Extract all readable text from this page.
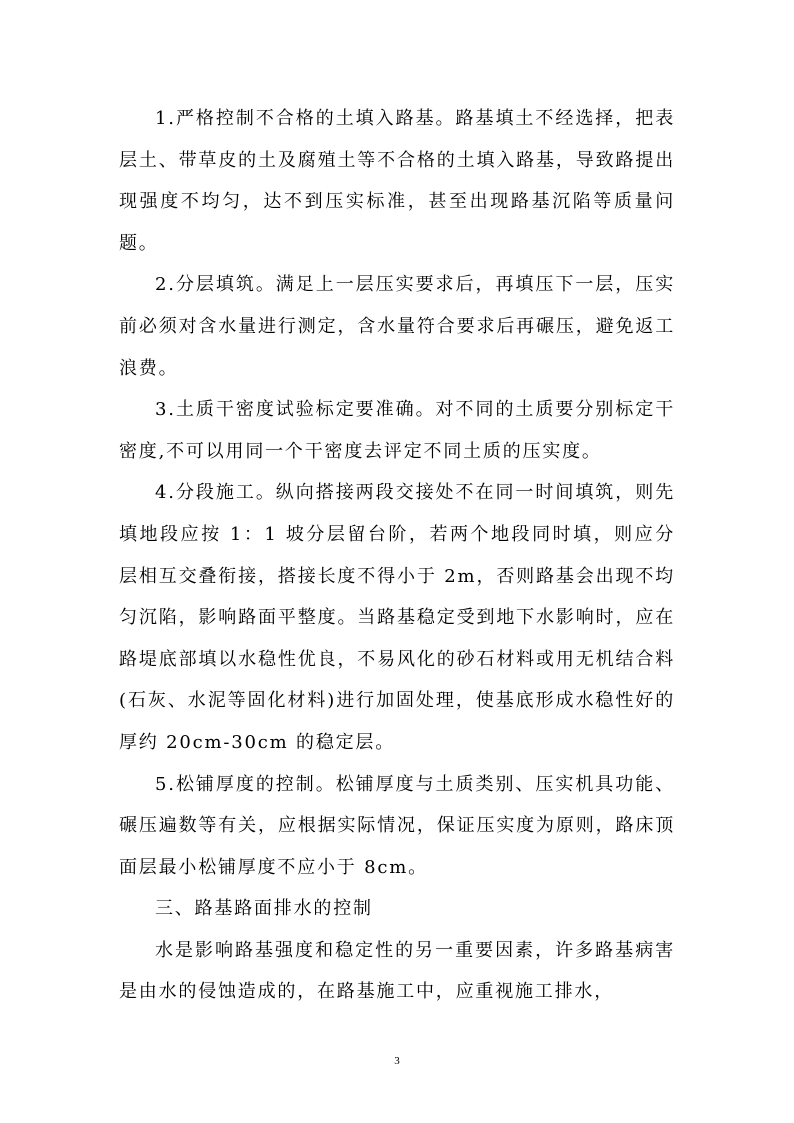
1.严格控制不合格的土填入路基。路基填土不经选择，把表层土、带草皮的土及腐殖土等不合格的土填入路基，导致路提出现强度不均匀，达不到压实标准，甚至出现路基沉陷等质量问题。

2.分层填筑。满足上一层压实要求后，再填压下一层，压实前必须对含水量进行测定，含水量符合要求后再碾压，避免返工浪费。

3.土质干密度试验标定要准确。对不同的土质要分别标定干密度,不可以用同一个干密度去评定不同土质的压实度。

4.分段施工。纵向搭接两段交接处不在同一时间填筑，则先填地段应按 1：1 坡分层留台阶，若两个地段同时填，则应分层相互交叠衔接，搭接长度不得小于 2m，否则路基会出现不均匀沉陷，影响路面平整度。当路基稳定受到地下水影响时，应在路堤底部填以水稳性优良，不易风化的砂石材料或用无机结合料(石灰、水泥等固化材料)进行加固处理，使基底形成水稳性好的厚约 20cm-30cm 的稳定层。

5.松铺厚度的控制。松铺厚度与土质类别、压实机具功能、碾压遍数等有关，应根据实际情况，保证压实度为原则，路床顶面层最小松铺厚度不应小于 8cm。

三、路基路面排水的控制

水是影响路基强度和稳定性的另一重要因素，许多路基病害是由水的侵蚀造成的，在路基施工中，应重视施工排水，

3
